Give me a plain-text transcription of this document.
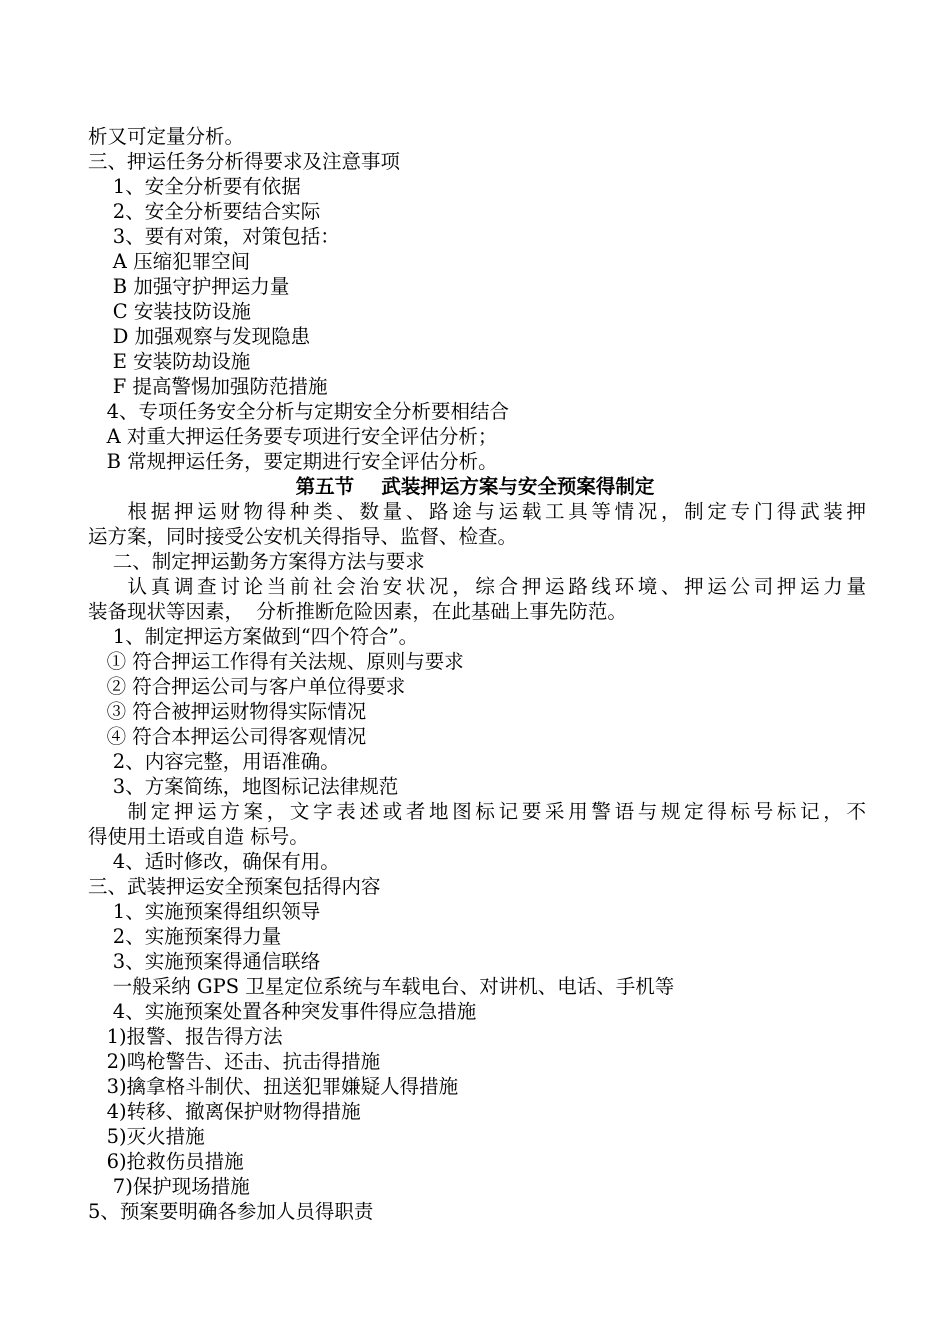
析又可定量分析。
三、押运任务分析得要求及注意事项
1、安全分析要有依据
2、安全分析要结合实际
3、要有对策，对策包括：
A 压缩犯罪空间
B 加强守护押运力量
C 安装技防设施
D 加强观察与发现隐患
E 安装防劫设施
F 提高警惕加强防范措施
4、专项任务安全分析与定期安全分析要相结合
A 对重大押运任务要专项进行安全评估分析；
B 常规押运任务，要定期进行安全评估分析。
第五节    武装押运方案与安全预案得制定
根据押运财物得种类、数量、路途与运载工具等情况，制定专门得武装押
运方案，同时接受公安机关得指导、监督、检查。
二、制定押运勤务方案得方法与要求
认真调查讨论当前社会治安状况，综合押运路线环境、押运公司押运力量
装备现状等因素，  分析推断危险因素，在此基础上事先防范。
1、制定押运方案做到“四个符合”。
① 符合押运工作得有关法规、原则与要求
② 符合押运公司与客户单位得要求
③ 符合被押运财物得实际情况
④ 符合本押运公司得客观情况
2、内容完整，用语准确。
3、方案简练，地图标记法律规范
制定押运方案，文字表述或者地图标记要采用警语与规定得标号标记，不
得使用土语或自造 标号。
4、适时修改，确保有用。
三、武装押运安全预案包括得内容
1、实施预案得组织领导
2、实施预案得力量
3、实施预案得通信联络
一般采纳 GPS 卫星定位系统与车载电台、对讲机、电话、手机等
4、实施预案处置各种突发事件得应急措施
1)报警、报告得方法
2)鸣枪警告、还击、抗击得措施
3)擒拿格斗制伏、扭送犯罪嫌疑人得措施
4)转移、撤离保护财物得措施
5)灭火措施
6)抢救伤员措施
7)保护现场措施
5、预案要明确各参加人员得职责
